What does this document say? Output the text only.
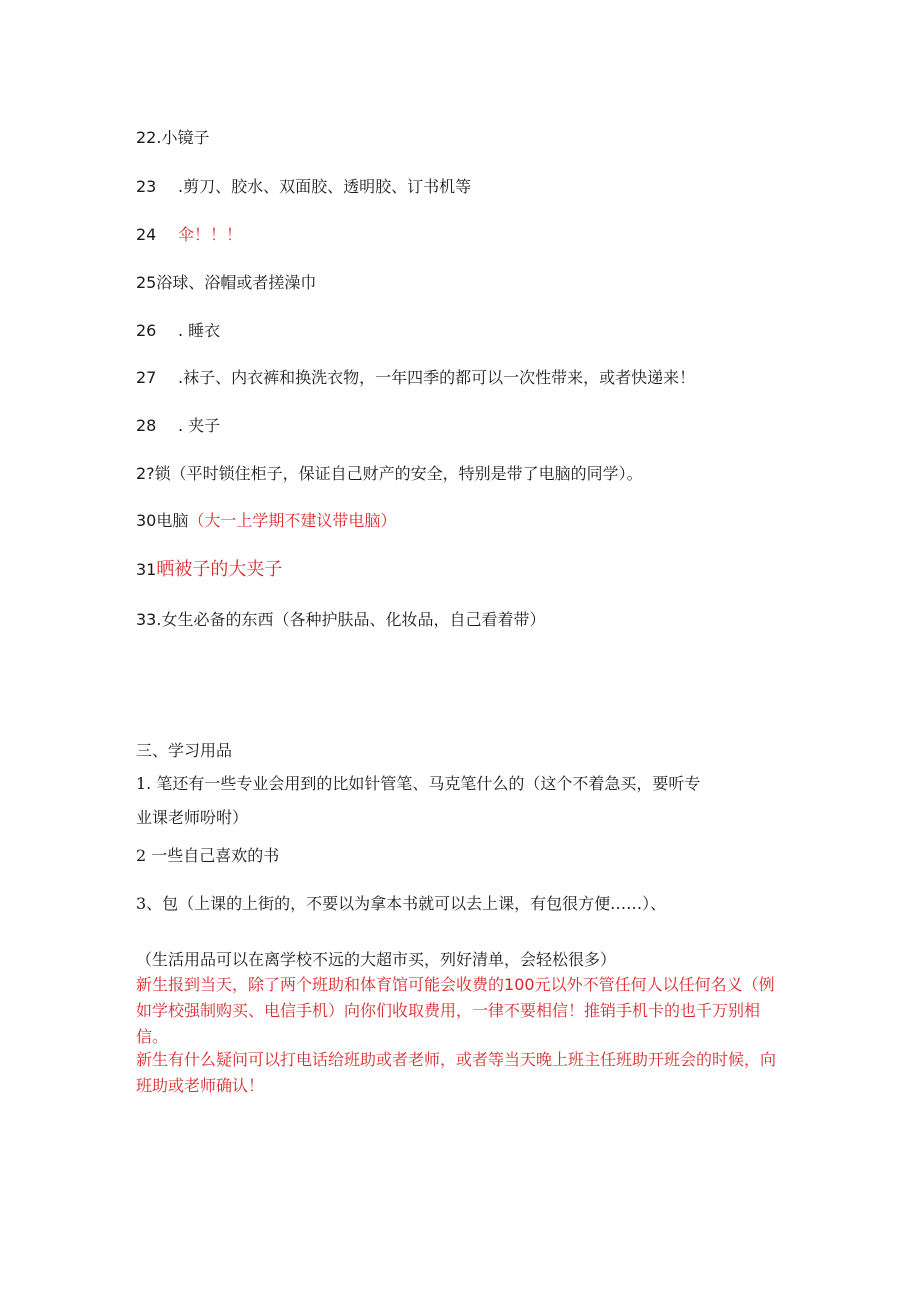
22.小镜子
23 .剪刀、胶水、双面胶、透明胶、订书机等
24 伞！！！
25浴球、浴帽或者搓澡巾
26 . 睡衣
27 .袜子、内衣裤和换洗衣物，一年四季的都可以一次性带来，或者快递来！
28 . 夹子
2?锁（平时锁住柜子，保证自己财产的安全，特别是带了电脑的同学）。
30电脑（大一上学期不建议带电脑）
31晒被子的大夹子
33.女生必备的东西（各种护肤品、化妆品，自己看着带）
三、学习用品
1. 笔还有一些专业会用到的比如针管笔、马克笔什么的（这个不着急买，要听专
业课老师吩咐）
2 一些自己喜欢的书
3、包（上课的上街的，不要以为拿本书就可以去上课，有包很方便……）、
（生活用品可以在离学校不远的大超市买，列好清单，会轻松很多）
新生报到当天，除了两个班助和体育馆可能会收费的100元以外不管任何人以任何名义（例如学校强制购买、电信手机）向你们收取费用，一律不要相信！推销手机卡的也千万别相信。
新生有什么疑问可以打电话给班助或者老师，或者等当天晚上班主任班助开班会的时候，向班助或老师确认！
